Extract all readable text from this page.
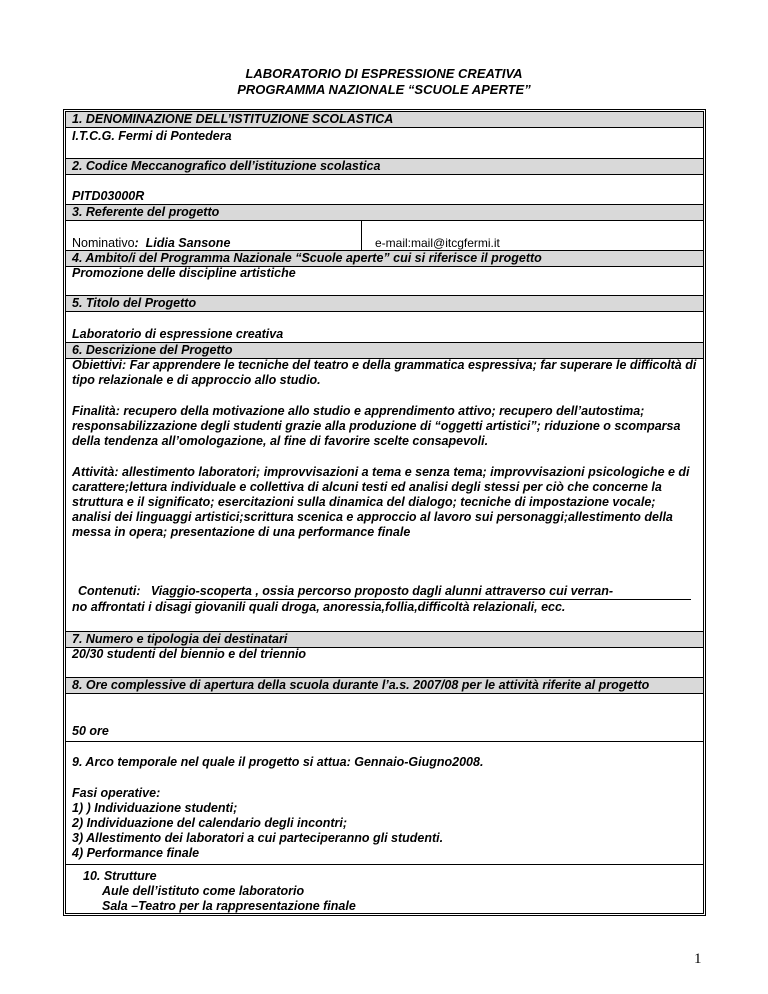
LABORATORIO DI ESPRESSIONE CREATIVA
PROGRAMMA NAZIONALE “SCUOLE APERTE”
1. DENOMINAZIONE DELL’ISTITUZIONE SCOLASTICA
I.T.C.G. Fermi di Pontedera
2. Codice Meccanografico dell’istituzione scolastica
PITD03000R
3. Referente del progetto
Nominativo: Lidia Sansone	e-mail:mail@itcgfermi.it
4. Ambito/i del Programma Nazionale “Scuole aperte” cui si riferisce il progetto
Promozione delle discipline artistiche
5. Titolo del Progetto
Laboratorio di espressione creativa
6. Descrizione del Progetto
Obiettivi: Far apprendere le tecniche del teatro e della grammatica espressiva; far superare le difficoltà di tipo relazionale e di approccio allo studio.
Finalità: recupero della motivazione allo studio e apprendimento attivo; recupero dell’autostima; responsabilizzazione degli studenti grazie alla produzione di “oggetti artistici”; riduzione o scomparsa della tendenza all’omologazione, al fine di favorire scelte consapevoli.
Attività: allestimento laboratori; improvvisazioni a tema e senza tema; improvvisazioni psicologiche e di carattere;lettura individuale e collettiva di alcuni testi ed analisi degli stessi per ciò che concerne la struttura e il significato; esercitazioni sulla dinamica del dialogo; tecniche di impostazione vocale; analisi dei linguaggi artistici;scrittura scenica e approccio al lavoro sui personaggi;allestimento della messa in opera; presentazione di una performance finale
Contenuti: Viaggio-scoperta , ossia percorso proposto dagli alunni attraverso cui verran-
no affrontati i disagi giovanili quali droga, anoressia,follia,difficoltà relazionali, ecc.
7. Numero e tipologia dei destinatari
20/30 studenti del biennio e del triennio
8. Ore complessive di apertura della scuola durante l’a.s. 2007/08 per le attività riferite al progetto
50 ore
9. Arco temporale nel quale il progetto si attua: Gennaio-Giugno2008.
Fasi operative:
1) ) Individuazione studenti;
2) Individuazione del calendario degli incontri;
3) Allestimento dei laboratori a cui parteciperanno gli studenti.
4) Performance finale
10. Strutture
Aule dell’istituto come laboratorio
Sala –Teatro per la rappresentazione finale
1
